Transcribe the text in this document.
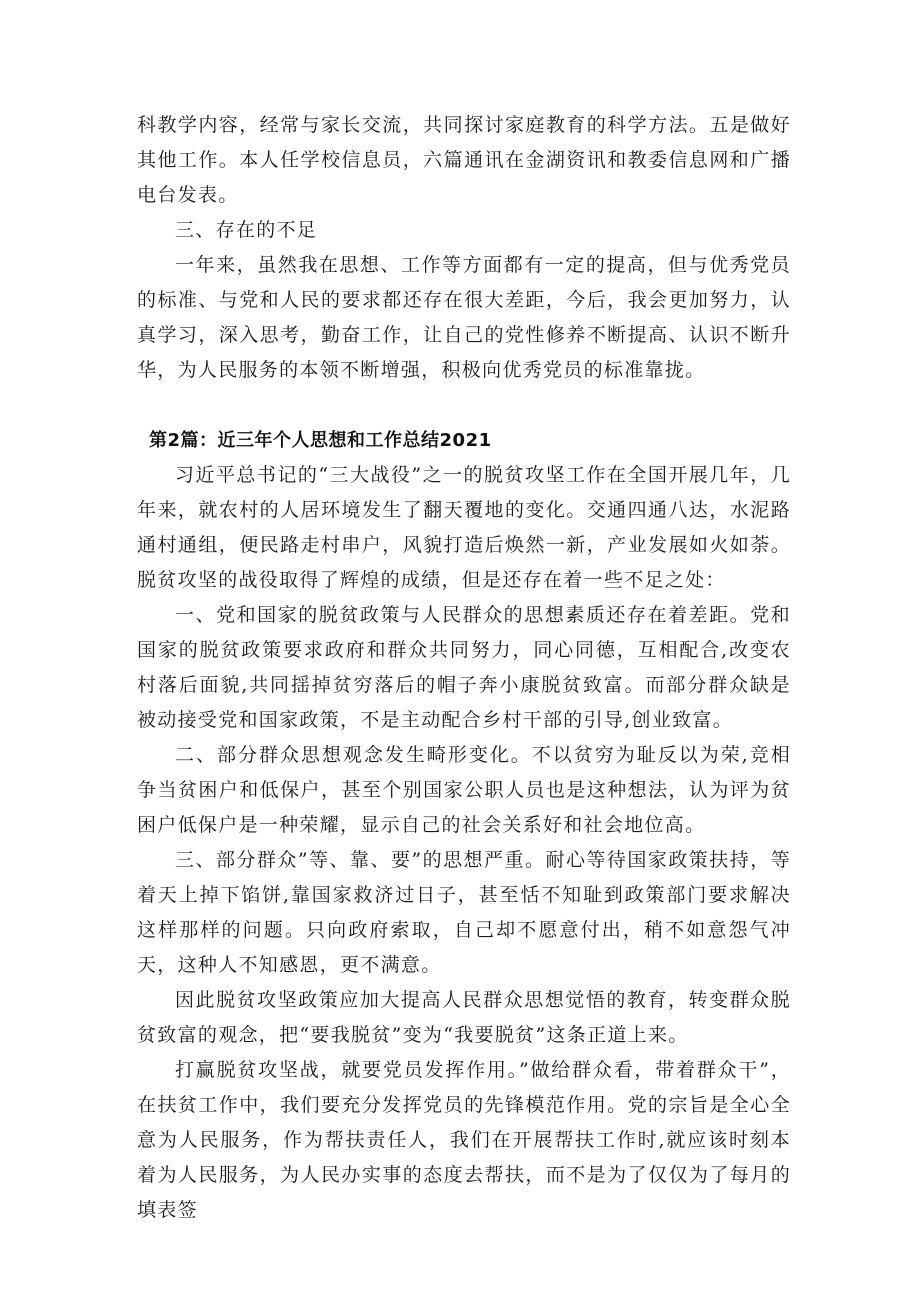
科教学内容，经常与家长交流，共同探讨家庭教育的科学方法。五是做好其他工作。本人任学校信息员，六篇通讯在金湖资讯和教委信息网和广播电台发表。

三、存在的不足

一年来，虽然我在思想、工作等方面都有一定的提高，但与优秀党员的标准、与党和人民的要求都还存在很大差距，今后，我会更加努力，认真学习，深入思考，勤奋工作，让自己的党性修养不断提高、认识不断升华，为人民服务的本领不断增强，积极向优秀党员的标准靠拢。

第2篇：近三年个人思想和工作总结2021

习近平总书记的“三大战役”之一的脱贫攻坚工作在全国开展几年，几年来，就农村的人居环境发生了翻天覆地的变化。交通四通八达，水泥路通村通组，便民路走村串户，风貌打造后焕然一新，产业发展如火如荼。脱贫攻坚的战役取得了辉煌的成绩，但是还存在着一些不足之处：

一、党和国家的脱贫政策与人民群众的思想素质还存在着差距。党和国家的脱贫政策要求政府和群众共同努力，同心同德，互相配合,改变农村落后面貌,共同揺掉贫穷落后的帽子奔小康脱贫致富。而部分群众缺是被动接受党和国家政策，不是主动配合乡村干部的引导,创业致富。

二、部分群众思想观念发生畸形变化。不以贫穷为耻反以为荣,竞相争当贫困户和低保户，甚至个别国家公职人员也是这种想法，认为评为贫困户低保户是一种荣耀，显示自己的社会关系好和社会地位高。

三、部分群众”等、靠、要”的思想严重。耐心等待国家政策扶持，等着天上掉下馅饼,靠国家救济过日子，甚至恬不知耻到政策部门要求解决这样那样的问题。只向政府索取，自己却不愿意付出，稍不如意怨气冲天，这种人不知感恩，更不满意。

因此脱贫攻坚政策应加大提高人民群众思想觉悟的教育，转变群众脱贫致富的观念，把“要我脱贫”变为“我要脱贫”这条正道上来。

打赢脱贫攻坚战，就要党员发挥作用。”做给群众看，带着群众干”，在扶贫工作中，我们要充分发挥党员的先锋模范作用。党的宗旨是全心全意为人民服务，作为帮扶责任人，我们在开展帮扶工作时,就应该时刻本着为人民服务，为人民办实事的态度去帮扶，而不是为了仅仅为了每月的填表签
